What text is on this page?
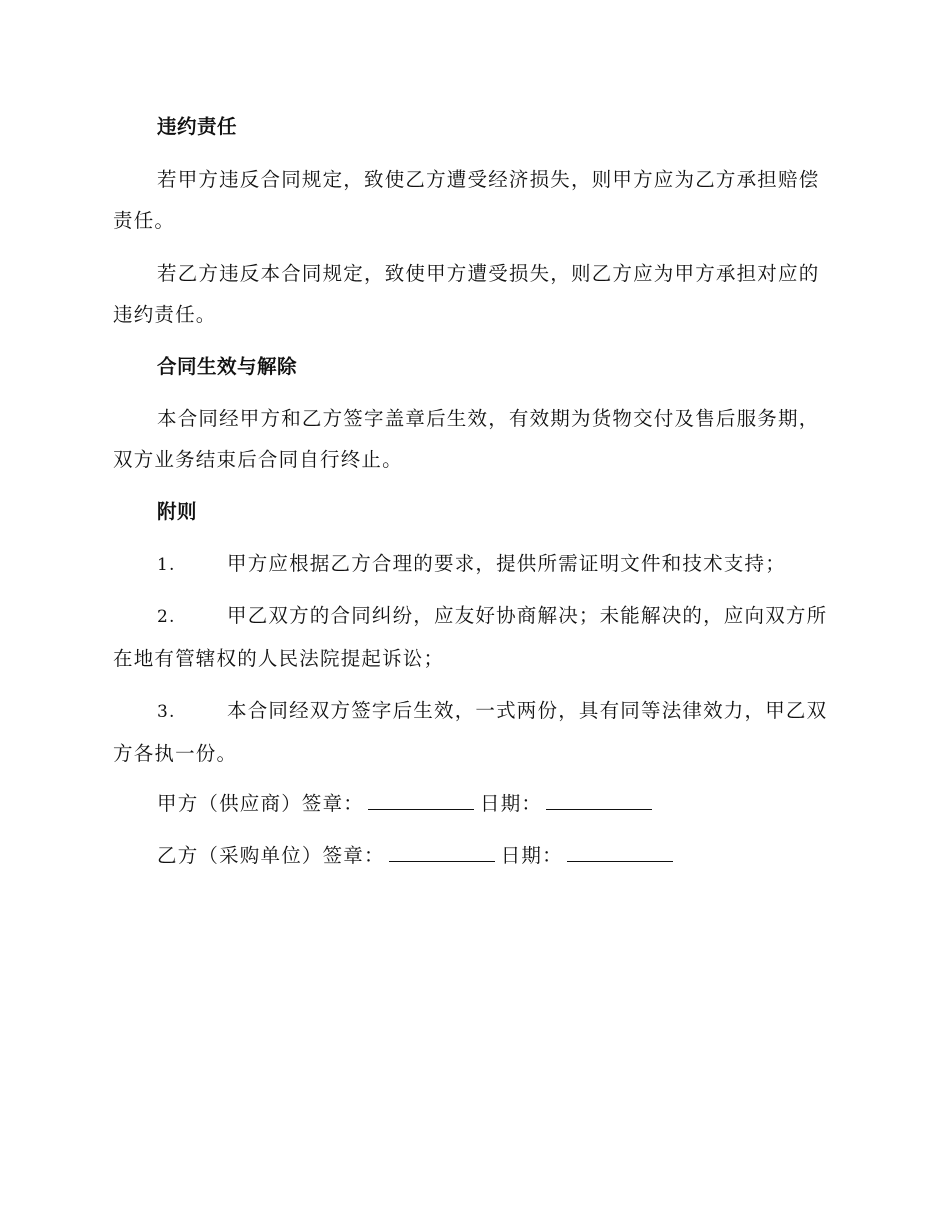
违约责任

若甲方违反合同规定，致使乙方遭受经济损失，则甲方应为乙方承担赔偿责任。

若乙方违反本合同规定，致使甲方遭受损失，则乙方应为甲方承担对应的违约责任。

合同生效与解除

本合同经甲方和乙方签字盖章后生效，有效期为货物交付及售后服务期，双方业务结束后合同自行终止。

附则

1.	甲方应根据乙方合理的要求，提供所需证明文件和技术支持；

2.	甲乙双方的合同纠纷，应友好协商解决；未能解决的，应向双方所在地有管辖权的人民法院提起诉讼；

3.	本合同经双方签字后生效，一式两份，具有同等法律效力，甲乙双方各执一份。

甲方（供应商）签章：	日期：
乙方（采购单位）签章：	日期：
